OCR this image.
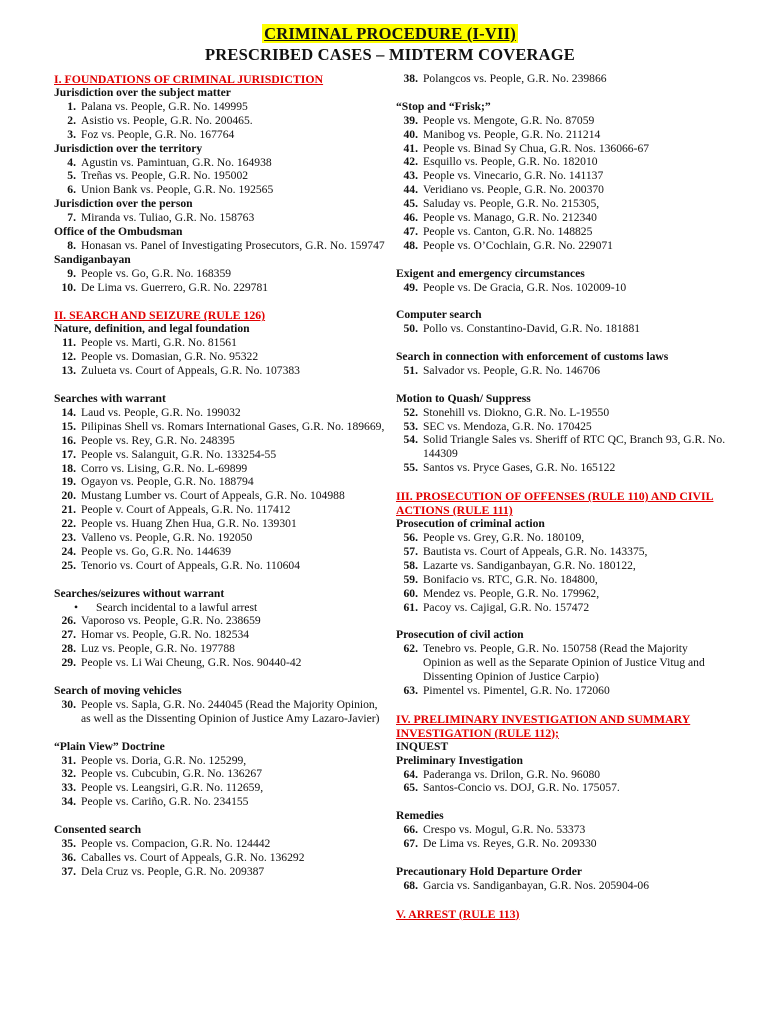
CRIMINAL PROCEDURE (I-VII)
PRESCRIBED CASES – MIDTERM COVERAGE
I. FOUNDATIONS OF CRIMINAL JURISDICTION
Jurisdiction over the subject matter
1. Palana vs. People, G.R. No. 149995
2. Asistio vs. People, G.R. No. 200465.
3. Foz vs. People, G.R. No. 167764
Jurisdiction over the territory
4. Agustin vs. Pamintuan, G.R. No. 164938
5. Treñas vs. People, G.R. No. 195002
6. Union Bank vs. People, G.R. No. 192565
Jurisdiction over the person
7. Miranda vs. Tuliao, G.R. No. 158763
Office of the Ombudsman
8. Honasan vs. Panel of Investigating Prosecutors, G.R. No. 159747
Sandiganbayan
9. People vs. Go, G.R. No. 168359
10. De Lima vs. Guerrero, G.R. No. 229781
II. SEARCH AND SEIZURE (RULE 126)
Nature, definition, and legal foundation
11. People vs. Marti, G.R. No. 81561
12. People vs. Domasian, G.R. No. 95322
13. Zulueta vs. Court of Appeals, G.R. No. 107383
Searches with warrant
14. Laud vs. People, G.R. No. 199032
15. Pilipinas Shell vs. Romars International Gases, G.R. No. 189669,
16. People vs. Rey, G.R. No. 248395
17. People vs. Salanguit, G.R. No. 133254-55
18. Corro vs. Lising, G.R. No. L-69899
19. Ogayon vs. People, G.R. No. 188794
20. Mustang Lumber vs. Court of Appeals, G.R. No. 104988
21. People v. Court of Appeals, G.R. No. 117412
22. People vs. Huang Zhen Hua, G.R. No. 139301
23. Valleno vs. People, G.R. No. 192050
24. People vs. Go, G.R. No. 144639
25. Tenorio vs. Court of Appeals, G.R. No. 110604
Searches/seizures without warrant
•	Search incidental to a lawful arrest
26. Vaporoso vs. People, G.R. No. 238659
27. Homar vs. People, G.R. No. 182534
28. Luz vs. People, G.R. No. 197788
29. People vs. Li Wai Cheung, G.R. Nos. 90440-42
Search of moving vehicles
30. People vs. Sapla, G.R. No. 244045 (Read the Majority Opinion, as well as the Dissenting Opinion of Justice Amy Lazaro-Javier)
“Plain View” Doctrine
31. People vs. Doria, G.R. No. 125299,
32. People vs. Cubcubin, G.R. No. 136267
33. People vs. Leangsiri, G.R. No. 112659,
34. People vs. Cariño, G.R. No. 234155
Consented search
35. People vs. Compacion, G.R. No. 124442
36. Caballes vs. Court of Appeals, G.R. No. 136292
37. Dela Cruz vs. People, G.R. No. 209387
38. Polangcos vs. People, G.R. No. 239866
“Stop and “Frisk;”
39. People vs. Mengote, G.R. No. 87059
40. Manibog vs. People, G.R. No. 211214
41. People vs. Binad Sy Chua, G.R. Nos. 136066-67
42. Esquillo vs. People, G.R. No. 182010
43. People vs. Vinecario, G.R. No. 141137
44. Veridiano vs. People, G.R. No. 200370
45. Saluday vs. People, G.R. No. 215305,
46. People vs. Manago, G.R. No. 212340
47. People vs. Canton, G.R. No. 148825
48. People vs. O’Cochlain, G.R. No. 229071
Exigent and emergency circumstances
49. People vs. De Gracia, G.R. Nos. 102009-10
Computer search
50. Pollo vs. Constantino-David, G.R. No. 181881
Search in connection with enforcement of customs laws
51. Salvador vs. People, G.R. No. 146706
Motion to Quash/ Suppress
52. Stonehill vs. Diokno, G.R. No. L-19550
53. SEC vs. Mendoza, G.R. No. 170425
54. Solid Triangle Sales vs. Sheriff of RTC QC, Branch 93, G.R. No. 144309
55. Santos vs. Pryce Gases, G.R. No. 165122
III. PROSECUTION OF OFFENSES (RULE 110) AND CIVIL ACTIONS (RULE 111)
Prosecution of criminal action
56. People vs. Grey, G.R. No. 180109,
57. Bautista vs. Court of Appeals, G.R. No. 143375,
58. Lazarte vs. Sandiganbayan, G.R. No. 180122,
59. Bonifacio vs. RTC, G.R. No. 184800,
60. Mendez vs. People, G.R. No. 179962,
61. Pacoy vs. Cajigal, G.R. No. 157472
Prosecution of civil action
62. Tenebro vs. People, G.R. No. 150758 (Read the Majority Opinion as well as the Separate Opinion of Justice Vitug and Dissenting Opinion of Justice Carpio)
63. Pimentel vs. Pimentel, G.R. No. 172060
IV. PRELIMINARY INVESTIGATION AND SUMMARY INVESTIGATION (RULE 112);
INQUEST
Preliminary Investigation
64. Paderanga vs. Drilon, G.R. No. 96080
65. Santos-Concio vs. DOJ, G.R. No. 175057.
Remedies
66. Crespo vs. Mogul, G.R. No. 53373
67. De Lima vs. Reyes, G.R. No. 209330
Precautionary Hold Departure Order
68. Garcia vs. Sandiganbayan, G.R. Nos. 205904-06
V. ARREST (RULE 113)
